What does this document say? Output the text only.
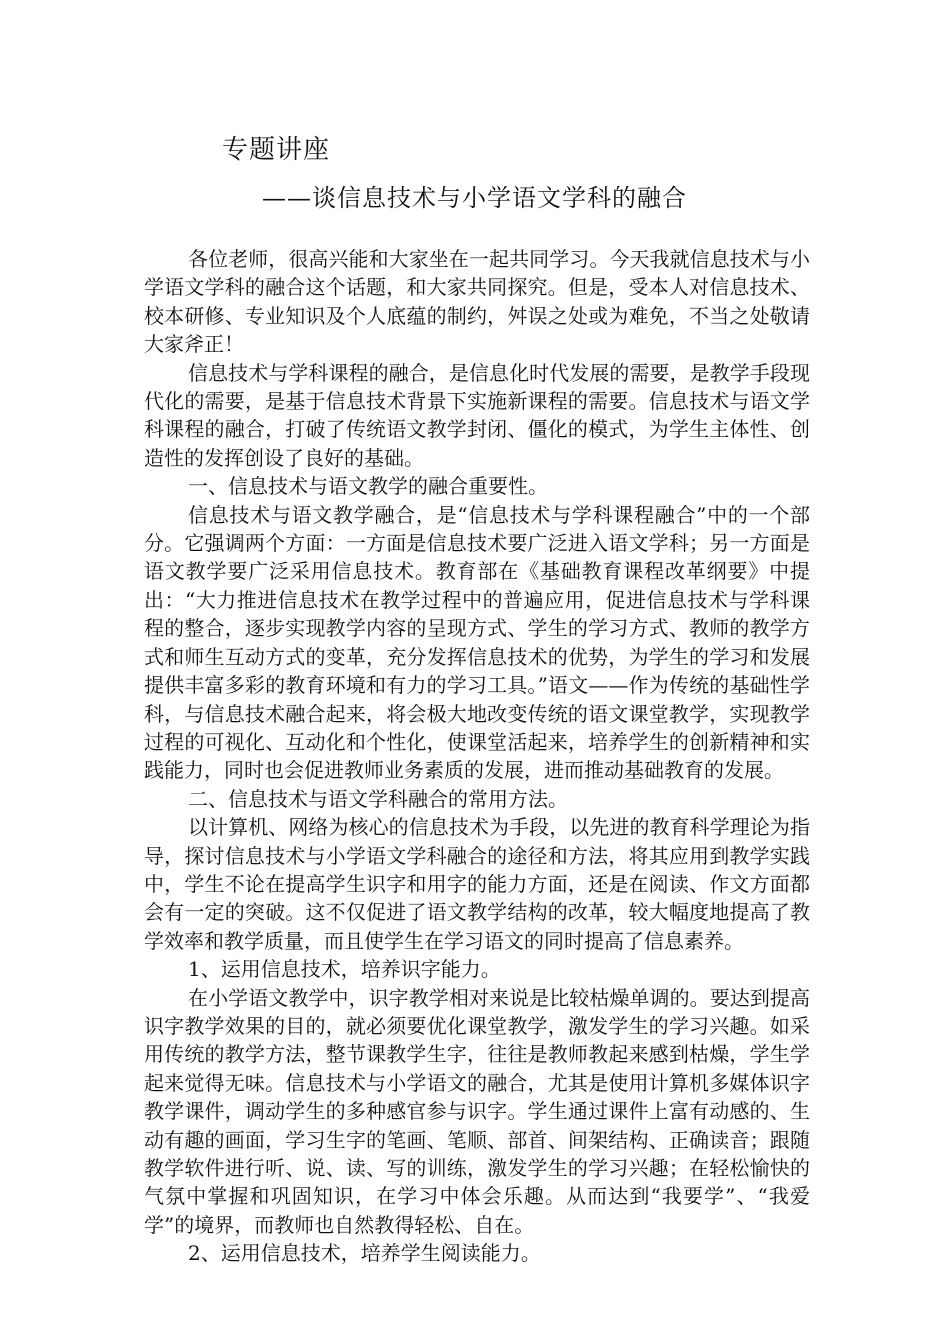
专题讲座
——谈信息技术与小学语文学科的融合

各位老师，很高兴能和大家坐在一起共同学习。今天我就信息技术与小学语文学科的融合这个话题，和大家共同探究。但是，受本人对信息技术、校本研修、专业知识及个人底蕴的制约，舛误之处或为难免，不当之处敬请大家斧正！

信息技术与学科课程的融合，是信息化时代发展的需要，是教学手段现代化的需要，是基于信息技术背景下实施新课程的需要。信息技术与语文学科课程的融合，打破了传统语文教学封闭、僵化的模式，为学生主体性、创造性的发挥创设了良好的基础。

一、信息技术与语文教学的融合重要性。

信息技术与语文教学融合，是“信息技术与学科课程融合”中的一个部分。它强调两个方面：一方面是信息技术要广泛进入语文学科；另一方面是语文教学要广泛采用信息技术。教育部在《基础教育课程改革纲要》中提出：“大力推进信息技术在教学过程中的普遍应用，促进信息技术与学科课程的整合，逐步实现教学内容的呈现方式、学生的学习方式、教师的教学方式和师生互动方式的变革，充分发挥信息技术的优势，为学生的学习和发展提供丰富多彩的教育环境和有力的学习工具。”语文——作为传统的基础性学科，与信息技术融合起来，将会极大地改变传统的语文课堂教学，实现教学过程的可视化、互动化和个性化，使课堂活起来，培养学生的创新精神和实践能力，同时也会促进教师业务素质的发展，进而推动基础教育的发展。

二、信息技术与语文学科融合的常用方法。

以计算机、网络为核心的信息技术为手段，以先进的教育科学理论为指导，探讨信息技术与小学语文学科融合的途径和方法，将其应用到教学实践中，学生不论在提高学生识字和用字的能力方面，还是在阅读、作文方面都会有一定的突破。这不仅促进了语文教学结构的改革，较大幅度地提高了教学效率和教学质量，而且使学生在学习语文的同时提高了信息素养。

1、运用信息技术，培养识字能力。

在小学语文教学中，识字教学相对来说是比较枯燥单调的。要达到提高识字教学效果的目的，就必须要优化课堂教学，激发学生的学习兴趣。如采用传统的教学方法，整节课教学生字，往往是教师教起来感到枯燥，学生学起来觉得无味。信息技术与小学语文的融合，尤其是使用计算机多媒体识字教学课件，调动学生的多种感官参与识字。学生通过课件上富有动感的、生动有趣的画面，学习生字的笔画、笔顺、部首、间架结构、正确读音；跟随教学软件进行听、说、读、写的训练，激发学生的学习兴趣；在轻松愉快的气氛中掌握和巩固知识，在学习中体会乐趣。从而达到“我要学”、“我爱学”的境界，而教师也自然教得轻松、自在。

2、运用信息技术，培养学生阅读能力。
